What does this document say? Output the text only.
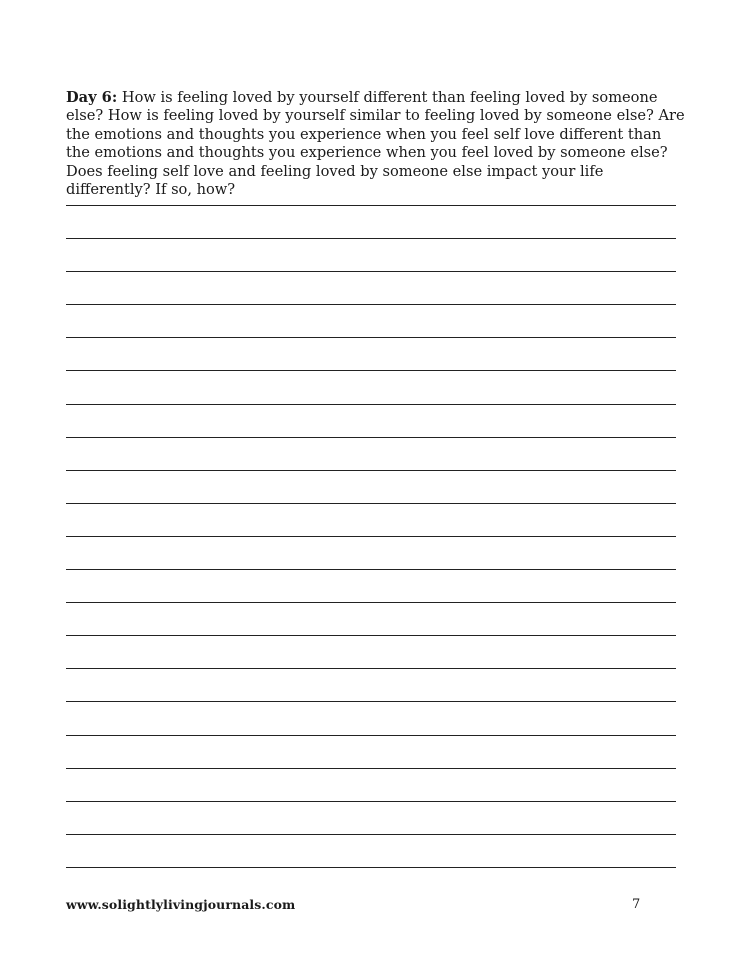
Day 6: How is feeling loved by yourself different than feeling loved by someone else? How is feeling loved by yourself similar to feeling loved by someone else? Are the emotions and thoughts you experience when you feel self love different than the emotions and thoughts you experience when you feel loved by someone else? Does feeling self love and feeling loved by someone else impact your life differently? If so, how?

www.solightlylivingjournals.com	7
